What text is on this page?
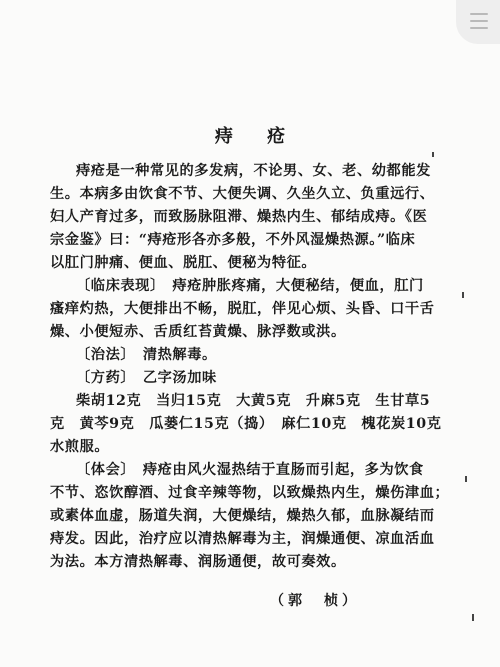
痔 疮
痔疮是一种常见的多发病，不论男、女、老、幼都能发
生。本病多由饮食不节、大便失调、久坐久立、负重远行、
妇人产育过多，而致肠脉阻滞、燥热内生、郁结成痔。《医
宗金鉴》曰：“痔疮形各亦多般，不外风湿燥热源。”临床
以肛门肿痛、便血、脱肛、便秘为特征。
〔临床表现〕　痔疮肿胀疼痛，大便秘结，便血，肛门
瘙痒灼热，大便排出不畅，脱肛，伴见心烦、头昏、口干舌
燥、小便短赤、舌质红苔黄燥、脉浮数或洪。
〔治法〕　清热解毒。
〔方药〕　乙字汤加味
柴胡12克　当归15克　大黄5克　升麻5克　生甘草5
克　黄芩9克　瓜蒌仁15克（捣）　麻仁10克　槐花炭10克
水煎服。
〔体会〕　痔疮由风火湿热结于直肠而引起，多为饮食
不节、恣饮醇酒、过食辛辣等物，以致燥热内生，燥伤津血；
或素体血虚，肠道失润，大便燥结，燥热久郁，血脉凝结而
痔发。因此，治疗应以清热解毒为主，润燥通便、凉血活血
为法。本方清热解毒、润肠通便，故可奏效。
（郭　桢）
